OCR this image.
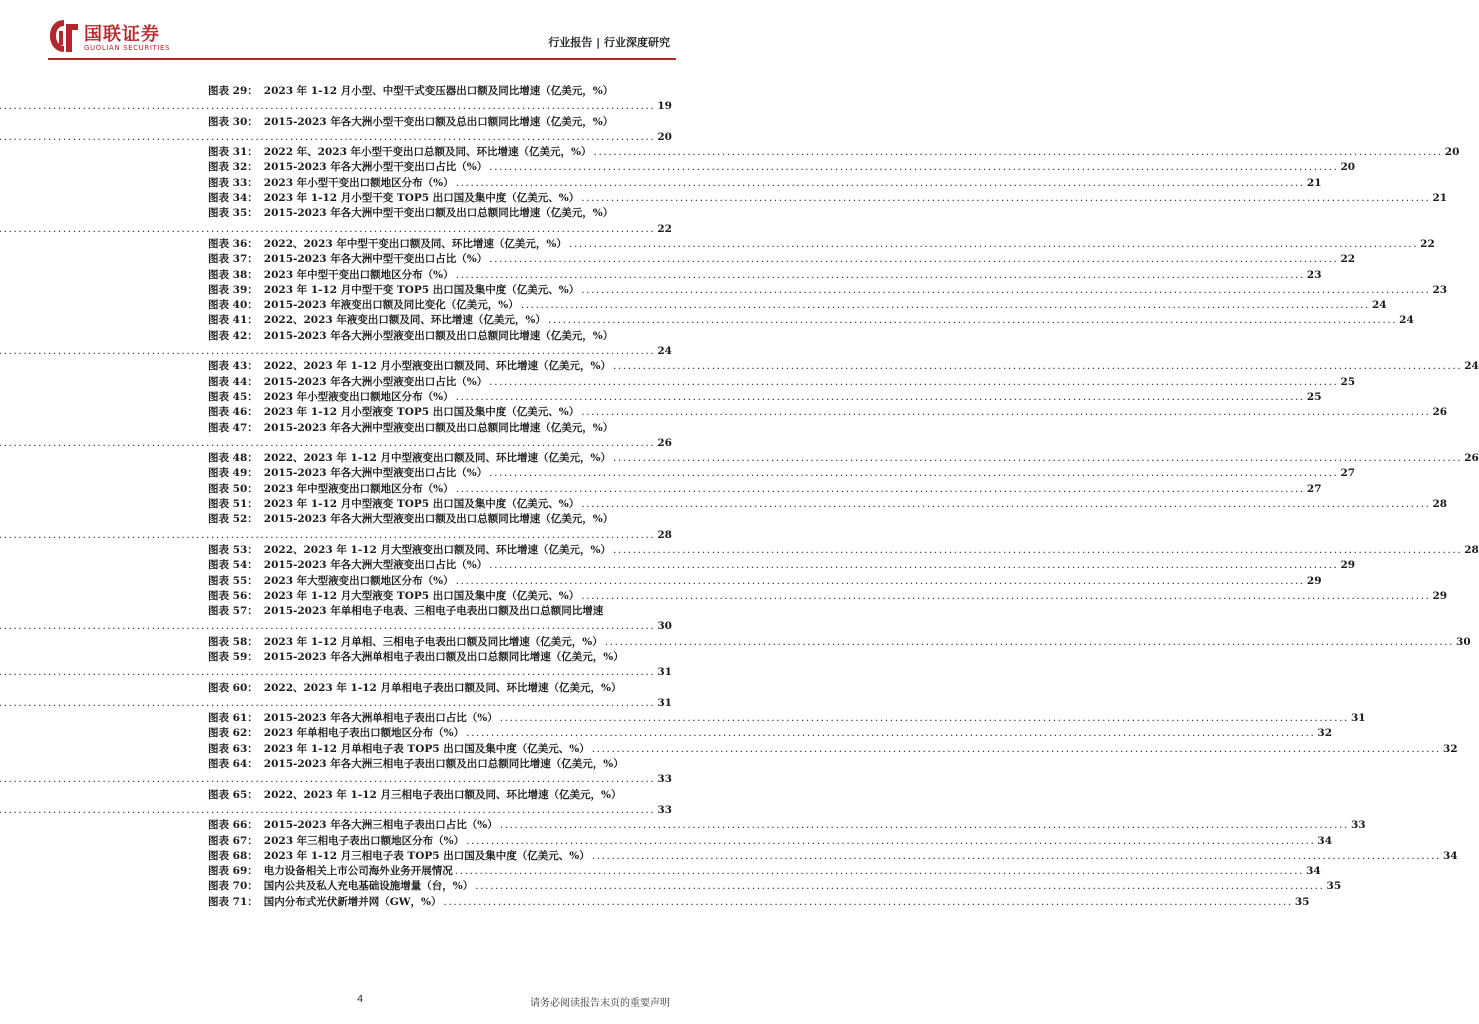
国联证券
GUOLIAN SECURITIES	行业报告 | 行业深度研究
图表 29： 2023 年 1-12 月小型、中型干式变压器出口额及同比增速（亿美元，%）
.....
19
图表 30： 2015-2023 年各大洲小型干变出口额及总出口额同比增速（亿美元，%）
.....
20
图表 31： 2022 年、2023 年小型干变出口总额及同、环比增速（亿美元，%） .....	20
图表 32： 2015-2023 年各大洲小型干变出口占比（%） .....	20
图表 33： 2023 年小型干变出口额地区分布（%） .....	21
图表 34： 2023 年 1-12 月小型干变 TOP5 出口国及集中度（亿美元、%） .....	21
图表 35： 2015-2023 年各大洲中型干变出口额及出口总额同比增速（亿美元，%）
.....
22
图表 36： 2022、2023 年中型干变出口额及同、环比增速（亿美元，%） .....	22
图表 37： 2015-2023 年各大洲中型干变出口占比（%） .....	22
图表 38： 2023 年中型干变出口额地区分布（%） .....	23
图表 39： 2023 年 1-12 月中型干变 TOP5 出口国及集中度（亿美元、%） .....	23
图表 40： 2015-2023 年液变出口额及同比变化（亿美元，%） .....	24
图表 41： 2022、2023 年液变出口额及同、环比增速（亿美元，%） .....	24
图表 42： 2015-2023 年各大洲小型液变出口额及出口总额同比增速（亿美元，%）
.....
24
图表 43： 2022、2023 年 1-12 月小型液变出口额及同、环比增速（亿美元，%） .....	24
图表 44： 2015-2023 年各大洲小型液变出口占比（%） .....	25
图表 45： 2023 年小型液变出口额地区分布（%） .....	25
图表 46： 2023 年 1-12 月小型液变 TOP5 出口国及集中度（亿美元、%） .....	26
图表 47： 2015-2023 年各大洲中型液变出口额及出口总额同比增速（亿美元，%）
.....
26
图表 48： 2022、2023 年 1-12 月中型液变出口额及同、环比增速（亿美元，%） .....	26
图表 49： 2015-2023 年各大洲中型液变出口占比（%） .....	27
图表 50： 2023 年中型液变出口额地区分布（%） .....	27
图表 51： 2023 年 1-12 月中型液变 TOP5 出口国及集中度（亿美元、%） .....	28
图表 52： 2015-2023 年各大洲大型液变出口额及出口总额同比增速（亿美元，%）
.....
28
图表 53： 2022、2023 年 1-12 月大型液变出口额及同、环比增速（亿美元，%） .....	28
图表 54： 2015-2023 年各大洲大型液变出口占比（%） .....	29
图表 55： 2023 年大型液变出口额地区分布（%） .....	29
图表 56： 2023 年 1-12 月大型液变 TOP5 出口国及集中度（亿美元、%） .....	29
图表 57： 2015-2023 年单相电子电表、三相电子电表出口额及出口总额同比增速
.....
30
图表 58： 2023 年 1-12 月单相、三相电子电表出口额及同比增速（亿美元，%） .....	30
图表 59： 2015-2023 年各大洲单相电子表出口额及出口总额同比增速（亿美元，%）
.....
31
图表 60： 2022、2023 年 1-12 月单相电子表出口额及同、环比增速（亿美元，%）
.....
31
图表 61： 2015-2023 年各大洲单相电子表出口占比（%） .....	31
图表 62： 2023 年单相电子表出口额地区分布（%） .....	32
图表 63： 2023 年 1-12 月单相电子表 TOP5 出口国及集中度（亿美元、%） .....	32
图表 64： 2015-2023 年各大洲三相电子表出口额及出口总额同比增速（亿美元，%）
.....
33
图表 65： 2022、2023 年 1-12 月三相电子表出口额及同、环比增速（亿美元，%）
.....
33
图表 66： 2015-2023 年各大洲三相电子表出口占比（%） .....	33
图表 67： 2023 年三相电子表出口额地区分布（%） .....	34
图表 68： 2023 年 1-12 月三相电子表 TOP5 出口国及集中度（亿美元、%） .....	34
图表 69： 电力设备相关上市公司海外业务开展情况 .....	34
图表 70： 国内公共及私人充电基础设施增量（台，%） .....	35
图表 71： 国内分布式光伏新增并网（GW，%） .....	35
4	请务必阅读报告末页的重要声明
